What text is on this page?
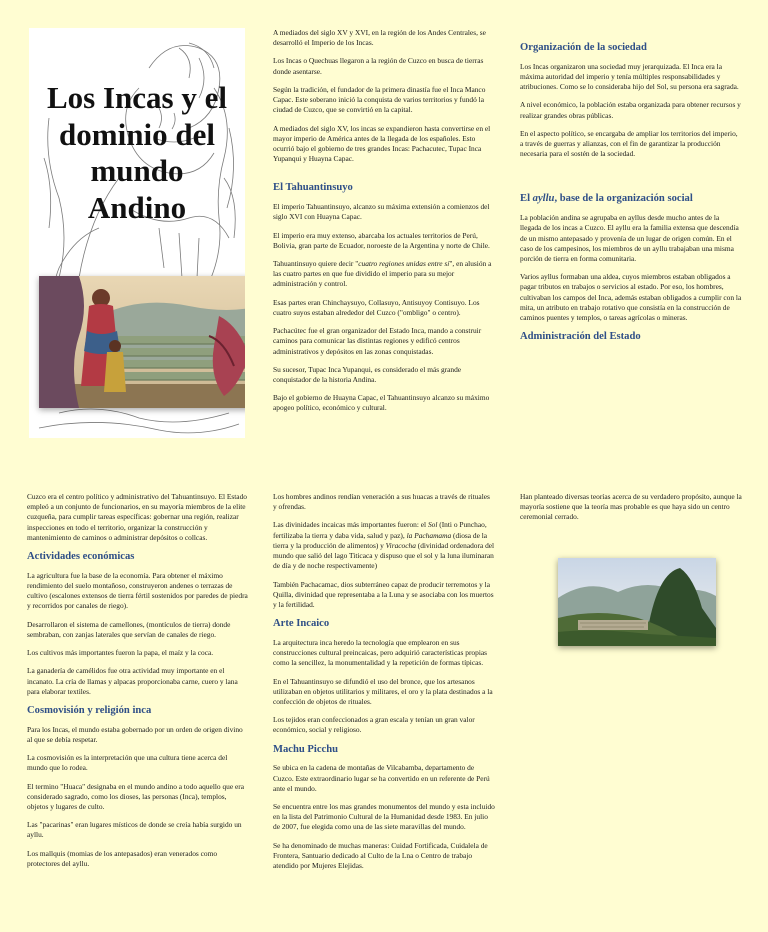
Los Incas y el
dominio del
mundo
Andino

A mediados del siglo XV y XVI, en la región de los Andes Centrales, se desarrolló el Imperio de los Incas.

Los Incas o Quechuas llegaron a la región de Cuzco en busca de tierras donde asentarse.

Según la tradición, el fundador de la primera dinastía fue el Inca Manco Capac. Este soberano inició la conquista de varios territorios y fundó la ciudad de Cuzco, que se convirtió en la capital.

A mediados del siglo XV, los incas se expandieron hasta convertirse en el mayor imperio de América antes de la llegada de los españoles. Esto ocurrió bajo el gobierno de tres grandes Incas: Pachacutec, Tupac Inca Yupanqui y Huayna Capac.

El Tahuantinsuyo

El imperio Tahuantinsuyo, alcanzo su máxima extensión a comienzos del siglo XVI con Huayna Capac.

El imperio era muy extenso, abarcaba los actuales territorios de Perú, Bolivia, gran parte de Ecuador, noroeste de la Argentina y norte de Chile.

Tahuantinsuyo quiere decir "cuatro regiones unidas entre sí", en alusión a las cuatro partes en que fue dividido el imperio para su mejor administración y control.

Esas partes eran Chinchaysuyo, Collasuyo, Antisuyoy Contisuyo. Los cuatro suyos estaban alrededor del Cuzco ("ombligo" o centro).

Pachacútec fue el gran organizador del Estado Inca, mando a construir caminos para comunicar las distintas regiones y edificó centros administrativos y depósitos en las zonas conquistadas.

Su sucesor, Tupac Inca Yupanqui, es considerado el más grande conquistador de la historia Andina.

Bajo el gobierno de Huayna Capac, el Tahuantinsuyo alcanzo su máximo apogeo político, económico y cultural.

Organización de la sociedad

Los Incas organizaron una sociedad muy jerarquizada. El Inca era la máxima autoridad del imperio y tenía múltiples responsabilidades y atribuciones. Como se lo consideraba hijo del Sol, su persona era sagrada.

A nivel económico, la población estaba organizada para obtener recursos y realizar grandes obras públicas.

En el aspecto político, se encargaba de ampliar los territorios del imperio, a través de guerras y alianzas, con el fin de garantizar la producción necesaria para el sostén de la sociedad.

El ayllu, base de la organización social

La población andina se agrupaba en ayllus desde mucho antes de la llegada de los incas a Cuzco. El ayllu era la familia extensa que descendía de un mismo antepasado y provenía de un lugar de origen común. En el caso de los campesinos, los miembros de un ayllu trabajaban una misma porción de tierra en forma comunitaria.

Varios ayllus formaban una aldea, cuyos miembros estaban obligados a pagar tributos en trabajos o servicios al estado. Por eso, los hombres, cultivaban los campos del Inca, además estaban obligados a cumplir con la mita, un atributo en trabajo rotativo que consistía en la construcción de caminos puentes y templos, o tareas agrícolas o mineras.

Administración del Estado

Cuzco era el centro político y administrativo del Tahuantinsuyo. El Estado empleó a un conjunto de funcionarios, en su mayoría miembros de la elite cuzqueña, para cumplir tareas específicas: gobernar una región, realizar inspecciones en todo el territorio, organizar la construcción y mantenimiento de caminos o administrar depósitos o collcas.

Actividades económicas

La agricultura fue la base de la economía. Para obtener el máximo rendimiento del suelo montañoso, construyeron andenes o terrazas de cultivo (escalones extensos de tierra fértil sostenidos por paredes de piedra y recorridos por canales de riego).

Desarrollaron el sistema de camellones, (montículos de tierra) donde sembraban, con zanjas laterales que servían de canales de riego.

Los cultivos más importantes fueron la papa, el maíz y la coca.

La ganadería de camélidos fue otra actividad muy importante en el incanato. La cría de llamas y alpacas proporcionaba carne, cuero y lana para elaborar textiles.

Cosmovisión y religión inca

Para los Incas, el mundo estaba gobernado por un orden de origen divino al que se debía respetar.

La cosmovisión es la interpretación que una cultura tiene acerca del mundo que lo rodea.

El termino "Huaca" designaba en el mundo andino a todo aquello que era considerado sagrado, como los dioses, las personas (Inca), templos, objetos y lugares de culto.

Las "pacarinas" eran lugares místicos de donde se creía había surgido un ayllu.

Los mallquis (momias de los antepasados) eran venerados como protectores del ayllu.

Los hombres andinos rendían veneración a sus huacas a través de rituales y ofrendas.

Las divinidades incaicas más importantes fueron: el Sol (Inti o Punchao, fertilizaba la tierra y daba vida, salud y paz), la Pachamama (diosa de la tierra y la producción de alimentos) y Viracocha (divinidad ordenadora del mundo que salió del lago Titicaca y dispuso que el sol y la luna iluminaran de día y de noche respectivamente)

También Pachacamac, dios subterráneo capaz de producir terremotos y la Quilla, divinidad que representaba a la Luna y se asociaba con los muertos y la fertilidad.

Arte Incaico

La arquitectura inca heredo la tecnología que emplearon en sus construcciones cultural preincaicas, pero adquirió características propias como la sencillez, la monumentalidad y la repetición de formas típicas.

En el Tahuantinsuyo se difundió el uso del bronce, que los artesanos utilizaban en objetos utilitarios y militares, el oro y la plata destinados a la confección de objetos de rituales.

Los tejidos eran confeccionados a gran escala y tenían un gran valor económico, social y religioso.

Machu Picchu

Se ubica en la cadena de montañas de Vilcabamba, departamento de Cuzco. Este extraordinario lugar se ha convertido en un referente de Perú ante el mundo.

Se encuentra entre los mas grandes monumentos del mundo y esta incluido en la lista del Patrimonio Cultural de la Humanidad desde 1983. En julio de 2007, fue elegida como una de las siete maravillas del mundo.

Se ha denominado de muchas maneras: Cuidad Fortificada, Cuidalela de Frontera, Santuario dedicado al Culto de la Lna o Centro de trabajo atendido por Mujeres Elejidas.

Han planteado diversas teorías acerca de su verdadero propósito, aunque la mayoría sostiene que la teoría mas probable es que haya sido un centro ceremonial cerrado.
